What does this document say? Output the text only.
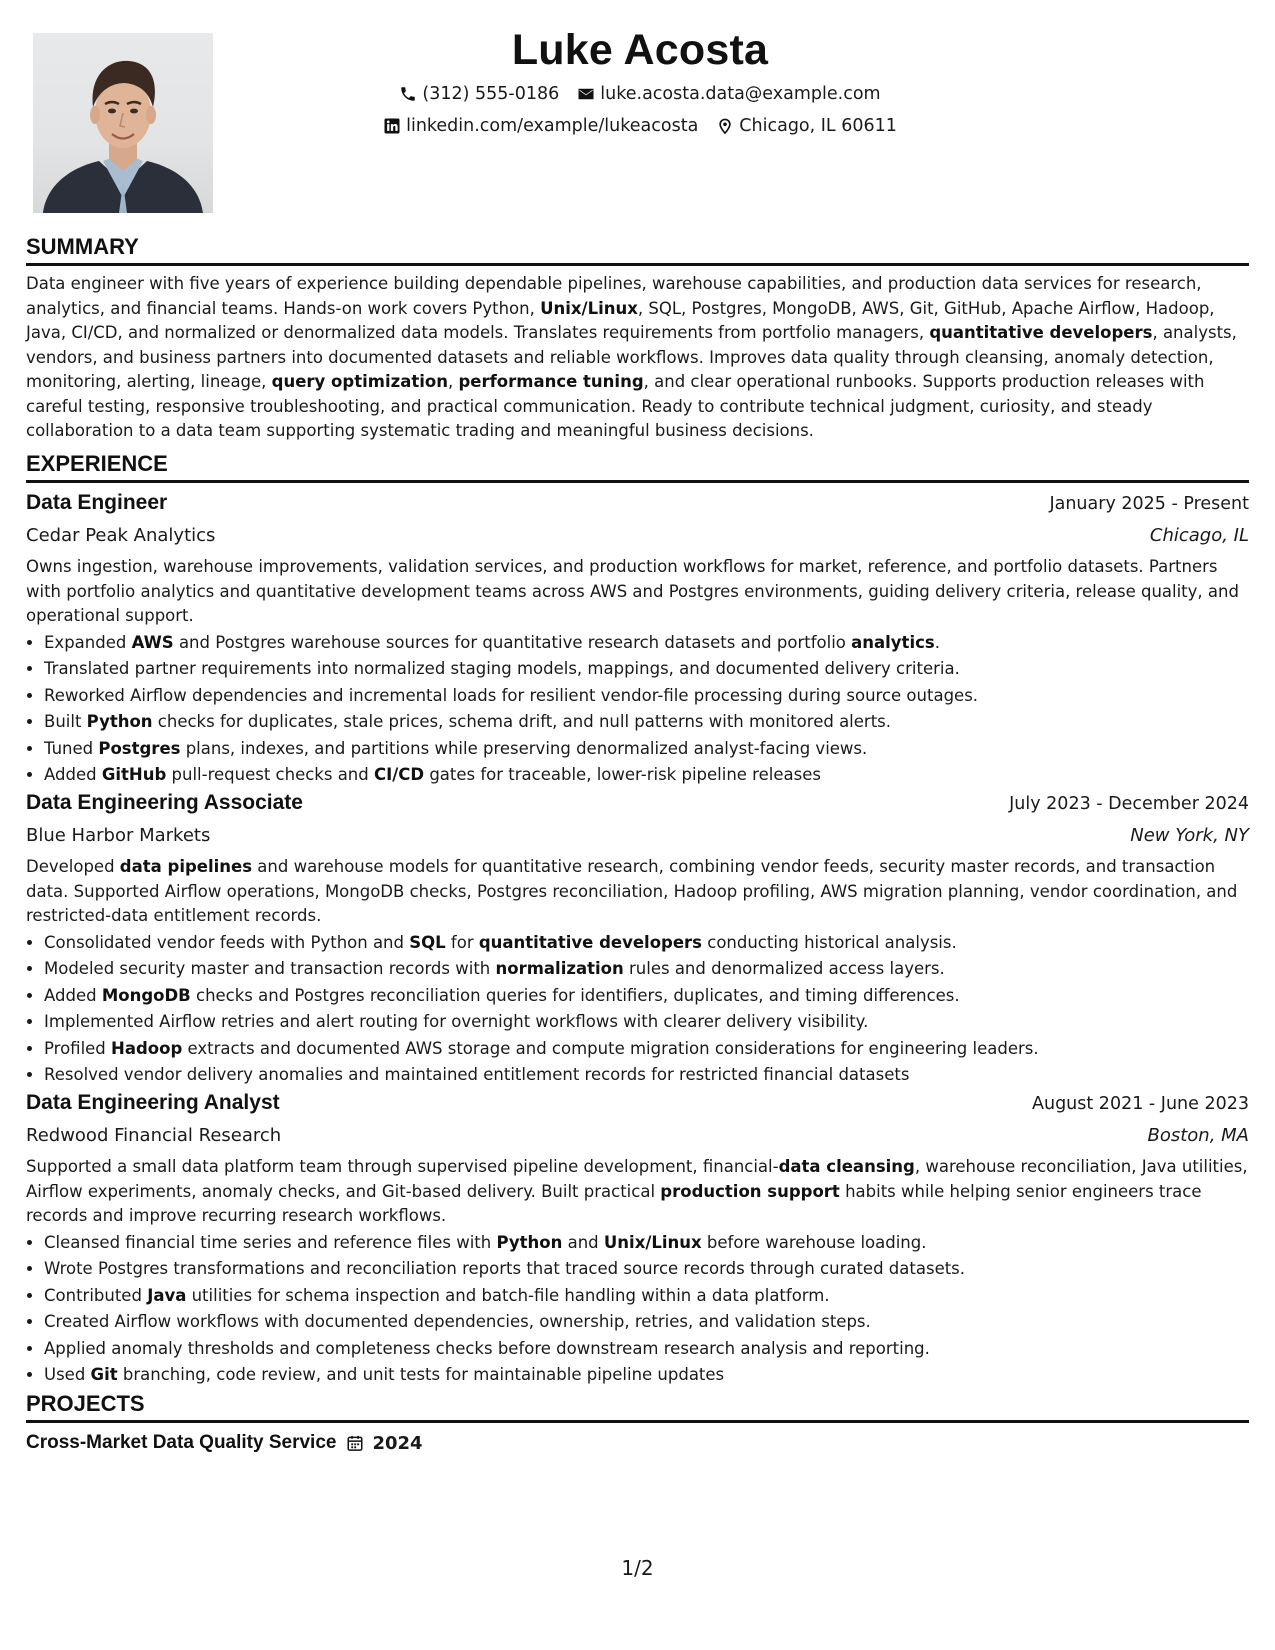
Luke Acosta
(312) 555-0186 luke.acosta.data@example.com
linkedin.com/example/lukeacosta Chicago, IL 60611
SUMMARY
Data engineer with five years of experience building dependable pipelines, warehouse capabilities, and production data services for research, analytics, and financial teams. Hands-on work covers Python, Unix/Linux, SQL, Postgres, MongoDB, AWS, Git, GitHub, Apache Airflow, Hadoop, Java, CI/CD, and normalized or denormalized data models. Translates requirements from portfolio managers, quantitative developers, analysts, vendors, and business partners into documented datasets and reliable workflows. Improves data quality through cleansing, anomaly detection, monitoring, alerting, lineage, query optimization, performance tuning, and clear operational runbooks. Supports production releases with careful testing, responsive troubleshooting, and practical communication. Ready to contribute technical judgment, curiosity, and steady collaboration to a data team supporting systematic trading and meaningful business decisions.
EXPERIENCE
Data Engineer	January 2025 - Present
Cedar Peak Analytics	Chicago, IL
Owns ingestion, warehouse improvements, validation services, and production workflows for market, reference, and portfolio datasets. Partners with portfolio analytics and quantitative development teams across AWS and Postgres environments, guiding delivery criteria, release quality, and operational support.
• Expanded AWS and Postgres warehouse sources for quantitative research datasets and portfolio analytics.
• Translated partner requirements into normalized staging models, mappings, and documented delivery criteria.
• Reworked Airflow dependencies and incremental loads for resilient vendor-file processing during source outages.
• Built Python checks for duplicates, stale prices, schema drift, and null patterns with monitored alerts.
• Tuned Postgres plans, indexes, and partitions while preserving denormalized analyst-facing views.
• Added GitHub pull-request checks and CI/CD gates for traceable, lower-risk pipeline releases
Data Engineering Associate	July 2023 - December 2024
Blue Harbor Markets	New York, NY
Developed data pipelines and warehouse models for quantitative research, combining vendor feeds, security master records, and transaction data. Supported Airflow operations, MongoDB checks, Postgres reconciliation, Hadoop profiling, AWS migration planning, vendor coordination, and restricted-data entitlement records.
• Consolidated vendor feeds with Python and SQL for quantitative developers conducting historical analysis.
• Modeled security master and transaction records with normalization rules and denormalized access layers.
• Added MongoDB checks and Postgres reconciliation queries for identifiers, duplicates, and timing differences.
• Implemented Airflow retries and alert routing for overnight workflows with clearer delivery visibility.
• Profiled Hadoop extracts and documented AWS storage and compute migration considerations for engineering leaders.
• Resolved vendor delivery anomalies and maintained entitlement records for restricted financial datasets
Data Engineering Analyst	August 2021 - June 2023
Redwood Financial Research	Boston, MA
Supported a small data platform team through supervised pipeline development, financial-data cleansing, warehouse reconciliation, Java utilities, Airflow experiments, anomaly checks, and Git-based delivery. Built practical production support habits while helping senior engineers trace records and improve recurring research workflows.
• Cleansed financial time series and reference files with Python and Unix/Linux before warehouse loading.
• Wrote Postgres transformations and reconciliation reports that traced source records through curated datasets.
• Contributed Java utilities for schema inspection and batch-file handling within a data platform.
• Created Airflow workflows with documented dependencies, ownership, retries, and validation steps.
• Applied anomaly thresholds and completeness checks before downstream research analysis and reporting.
• Used Git branching, code review, and unit tests for maintainable pipeline updates
PROJECTS
Cross-Market Data Quality Service 2024
1/2
